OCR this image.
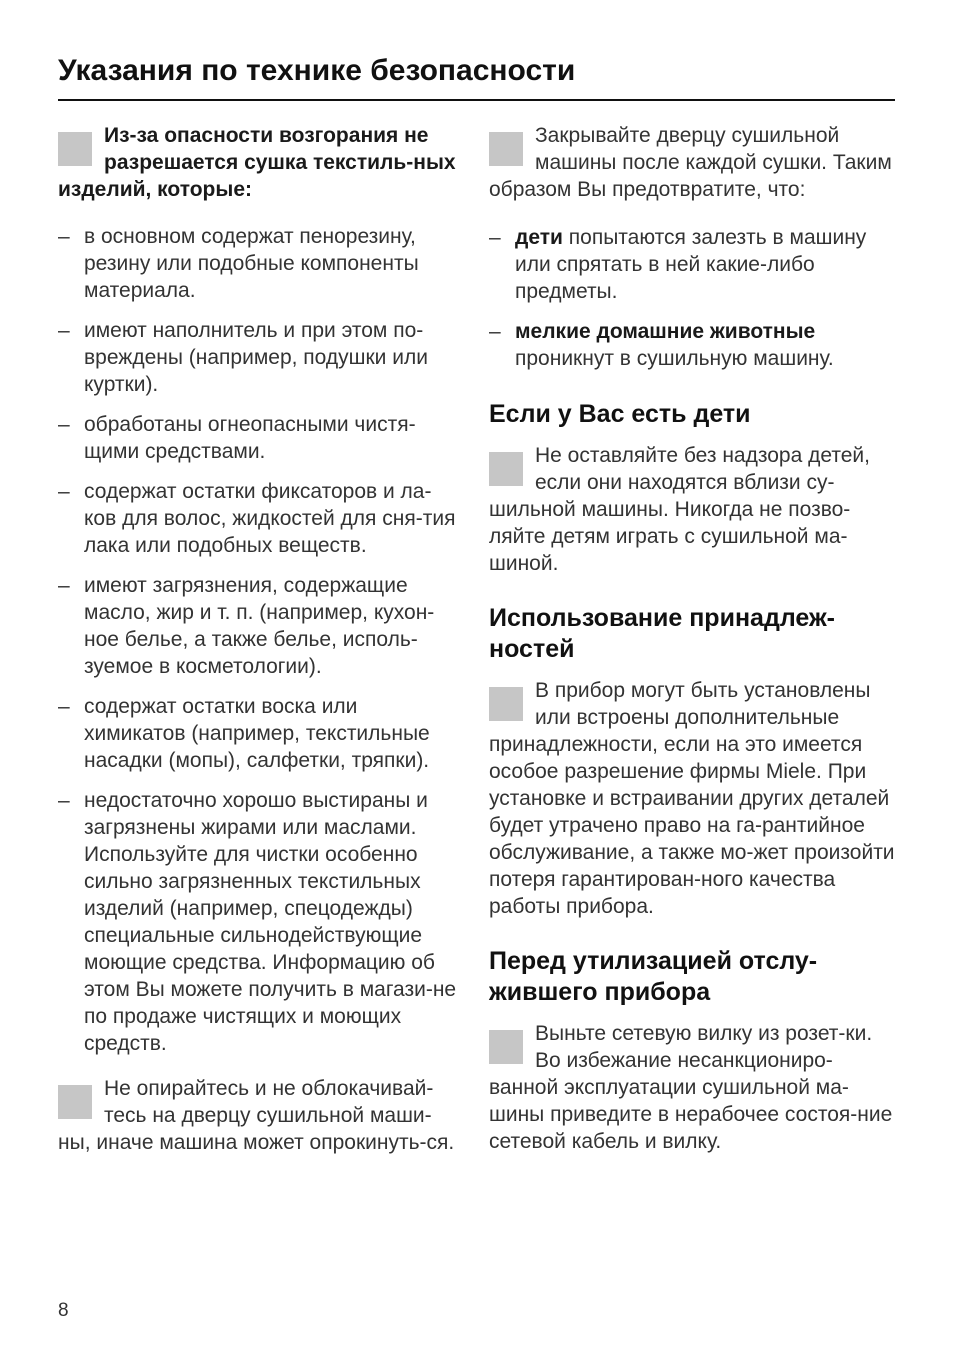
Указания по технике безопасности

Из-за опасности возгорания не разрешается сушка текстиль-ных изделий, которые:

– в основном содержат пенорезину, резину или подобные компоненты материала.
– имеют наполнитель и при этом по-вреждены (например, подушки или куртки).
– обработаны огнеопасными чистя-щими средствами.
– содержат остатки фиксаторов и ла-ков для волос, жидкостей для сня-тия лака или подобных веществ.
– имеют загрязнения, содержащие масло, жир и т. п. (например, кухон-ное белье, а также белье, исполь-зуемое в косметологии).
– содержат остатки воска или химикатов (например, текстильные насадки (мопы), салфетки, тряпки).
– недостаточно хорошо выстираны и загрязнены жирами или маслами. Используйте для чистки особенно сильно загрязненных текстильных изделий (например, спецодежды) специальные сильнодействующие моющие средства. Информацию об этом Вы можете получить в магази-не по продаже чистящих и моющих средств.

Не опирайтесь и не облокачивай-тесь на дверцу сушильной маши-ны, иначе машина может опрокинуть-ся.

Закрывайте дверцу сушильной машины после каждой сушки. Таким образом Вы предотвратите, что:

– дети попытаются залезть в машину или спрятать в ней какие-либо предметы.
– мелкие домашние животные проникнут в сушильную машину.
Если у Вас есть дети

Не оставляйте без надзора детей, если они находятся вблизи су-шильной машины. Никогда не позво-ляйте детям играть с сушильной ма-шиной.

Использование принадлеж-ностей

В прибор могут быть установлены или встроены дополнительные принадлежности, если на это имеется особое разрешение фирмы Miele. При установке и встраивании других деталей будет утрачено право на га-рантийное обслуживание, а также мо-жет произойти потеря гарантирован-ного качества работы прибора.

Перед утилизацией отслу-жившего прибора

Выньте сетевую вилку из розет-ки. Во избежание несанкциониро-ванной эксплуатации сушильной ма-шины приведите в нерабочее состоя-ние сетевой кабель и вилку.

8
